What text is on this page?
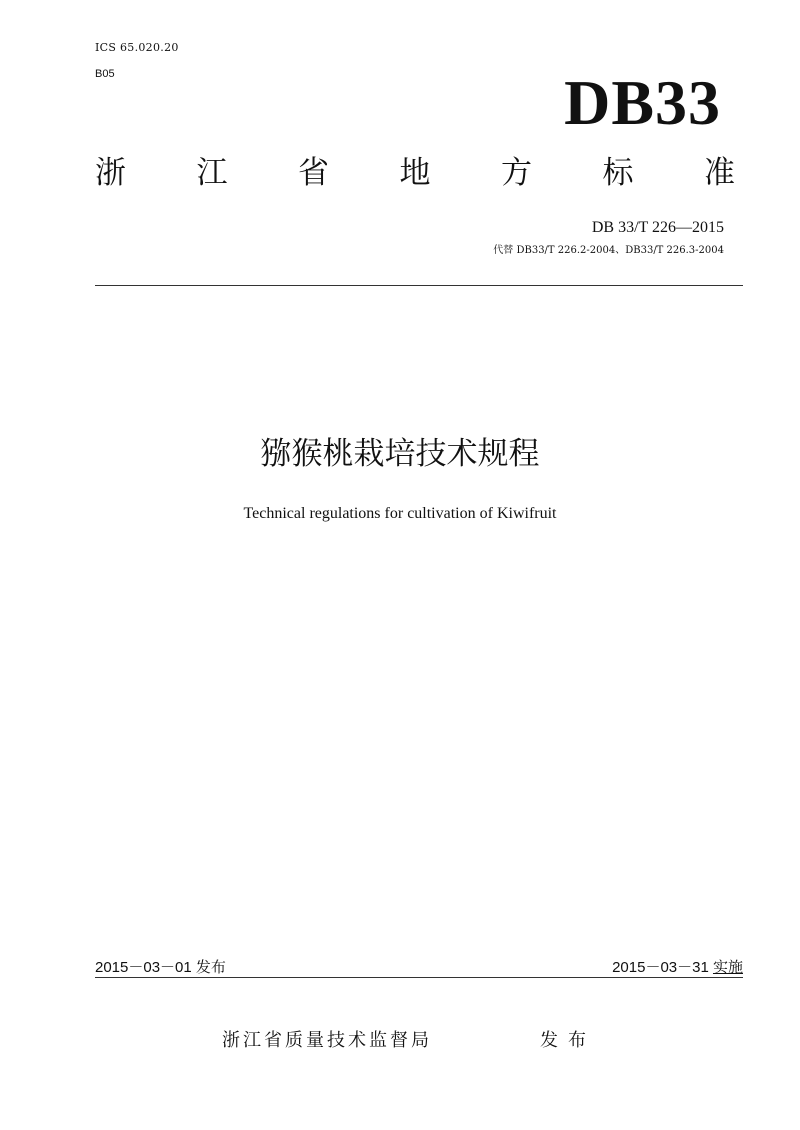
ICS 65.020.20
B05	DB33
浙 江 省 地 方 标 准
DB 33/T 226—2015
代替 DB33/T 226.2-2004、DB33/T 226.3-2004
猕猴桃栽培技术规程
Technical regulations for cultivation of Kiwifruit
2015－03－01 发布	2015－03－31 实施
浙江省质量技术监督局	发布
